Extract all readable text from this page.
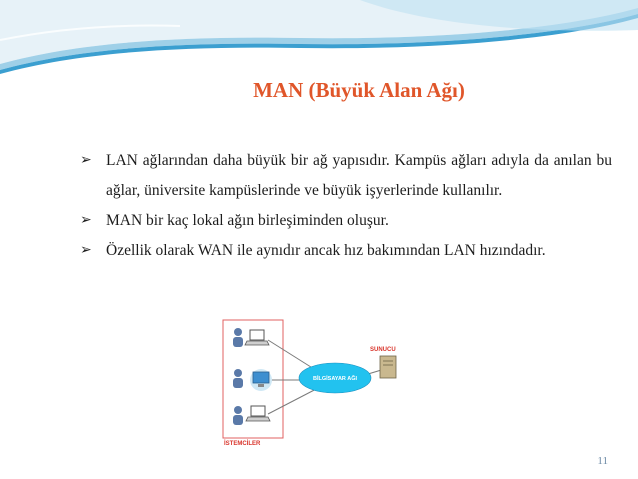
MAN (Büyük Alan Ağı)
➢ LAN ağlarından daha büyük bir ağ yapısıdır. Kampüs ağları adıyla da anılan bu ağlar, üniversite kampüslerinde ve büyük işyerlerinde kullanılır.
➢ MAN bir kaç lokal ağın birleşiminden oluşur.
➢ Özellik olarak WAN ile aynıdır ancak hız bakımından LAN hızındadır.
İSTEMCİLER
BİLGİSAYAR AĞI
SUNUCU
11
